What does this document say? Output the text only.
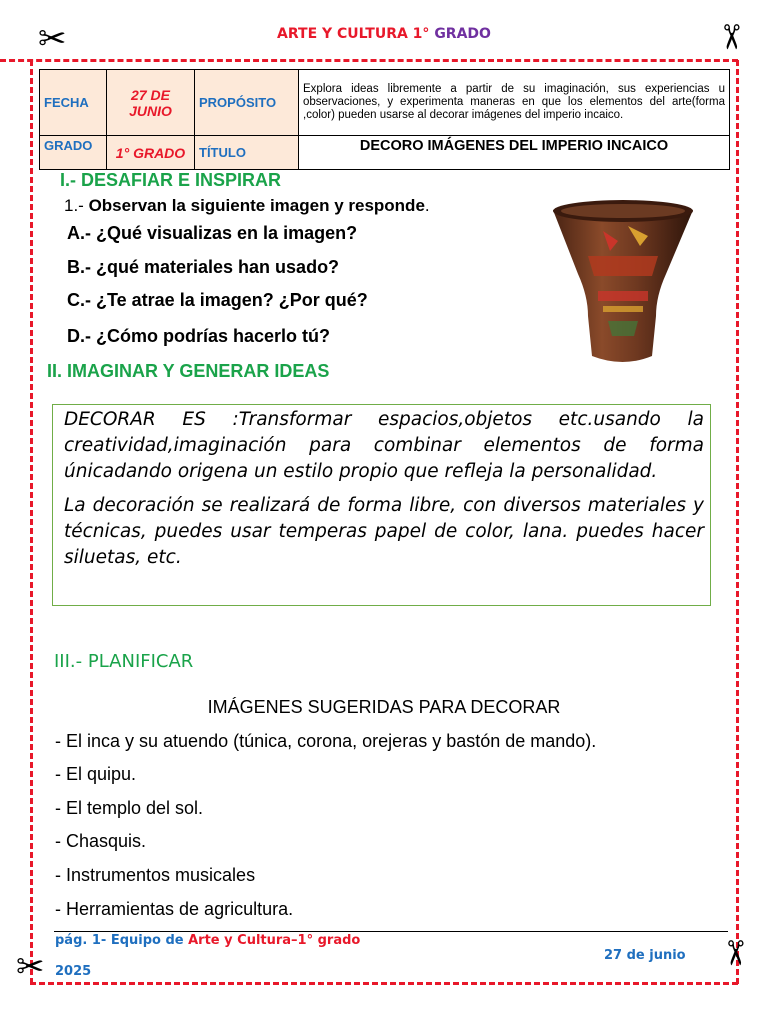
✂	✂
✂	✂
ARTE Y CULTURA 1° GRADO
FECHA	27 DE JUNIO	PROPÓSITO	Explora ideas libremente a partir de su imaginación, sus experiencias u observaciones, y experimenta maneras en que los elementos del arte(forma ,color) pueden usarse al decorar imágenes del imperio incaico.
GRADO	1° GRADO	TÍTULO	DECORO IMÁGENES DEL IMPERIO INCAICO
I.- DESAFIAR E INSPIRAR
1.- Observan la siguiente imagen y responde.
A.- ¿Qué visualizas en la imagen?
B.- ¿qué materiales han usado?
C.- ¿Te atrae la imagen? ¿Por qué?
D.- ¿Cómo podrías hacerlo tú?
II. IMAGINAR Y GENERAR IDEAS

DECORAR ES :Transformar espacios,objetos etc.usando la creatividad,imaginación para combinar elementos de forma únicadando origena un estilo propio que refleja la personalidad.

La decoración se realizará de forma libre, con diversos materiales y técnicas, puedes usar temperas papel de color, lana. puedes hacer siluetas, etc.

III.- PLANIFICAR
IMÁGENES SUGERIDAS PARA DECORAR
- El inca y su atuendo (túnica, corona, orejeras y bastón de mando).
- El quipu.
- El templo del sol.
- Chasquis.
- Instrumentos musicales
- Herramientas de agricultura.
pág. 1- Equipo de Arte y Cultura–1° grado
2025
27 de junio
